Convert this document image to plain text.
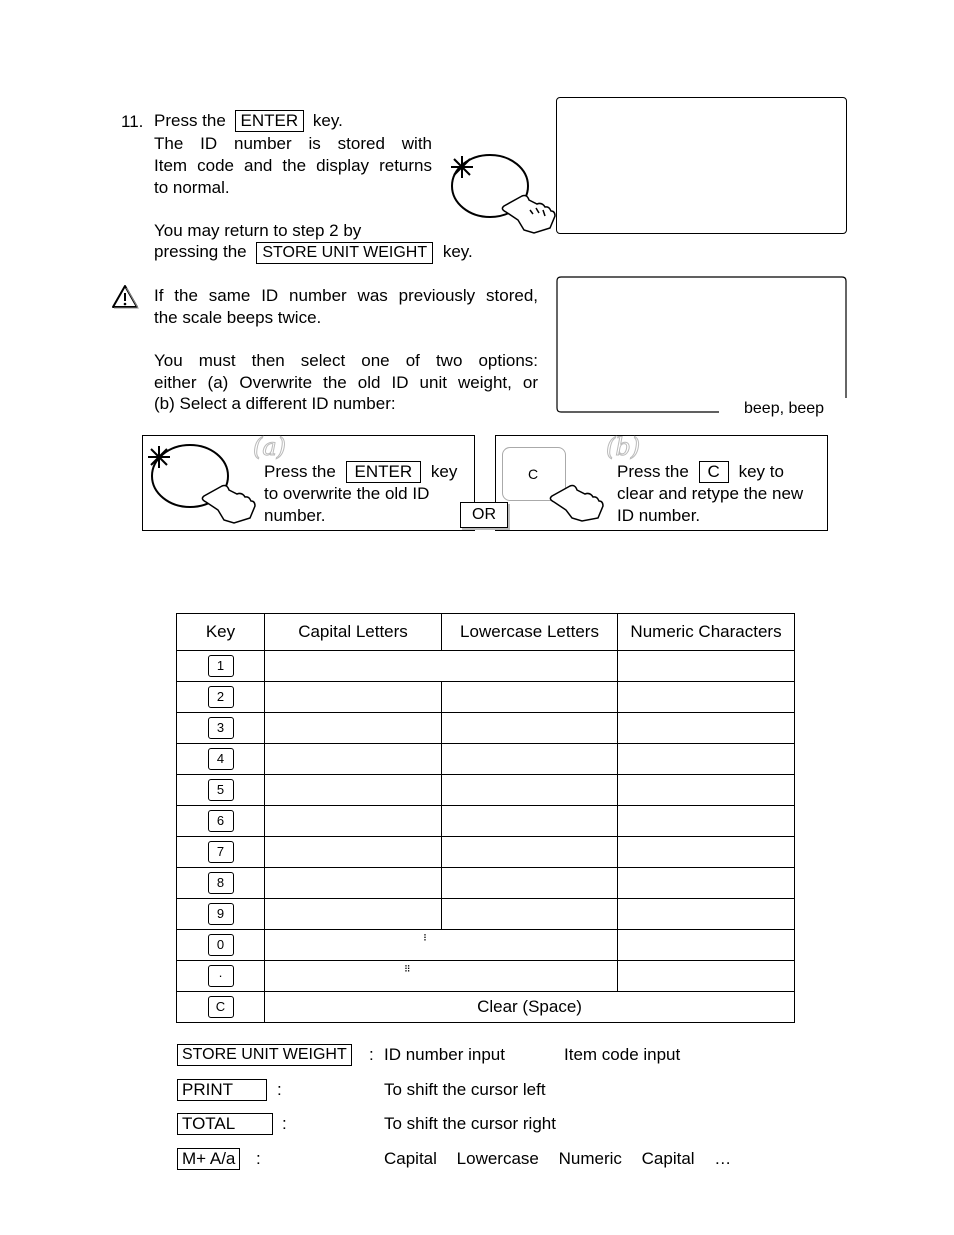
11. Press the ENTER key.
The ID number is stored with
Item code and the display returns
to normal.
You may return to step 2 by
pressing the STORE UNIT WEIGHT key.
If the same ID number was previously stored,
the scale beeps twice.
You must then select one of two options:
either (a) Overwrite the old ID unit weight, or
(b) Select a different ID number:	beep, beep
(a)
Press the ENTER key
to overwrite the old ID
number.	OR
C
(b)
Press the C key to
clear and retype the new
ID number.
Key	Capital Letters	Lowercase Letters	Numeric Characters
1			
2			
3			
4			
5			
6			
7			
8			
9			
0	⠇		

·	⠿		

C	Clear (Space)		
STORE UNIT WEIGHT : ID number input	Item code input
PRINT	:	To shift the cursor left
TOTAL	:	To shift the cursor right
M+ A/a :	Capital Lowercase Numeric Capital …
